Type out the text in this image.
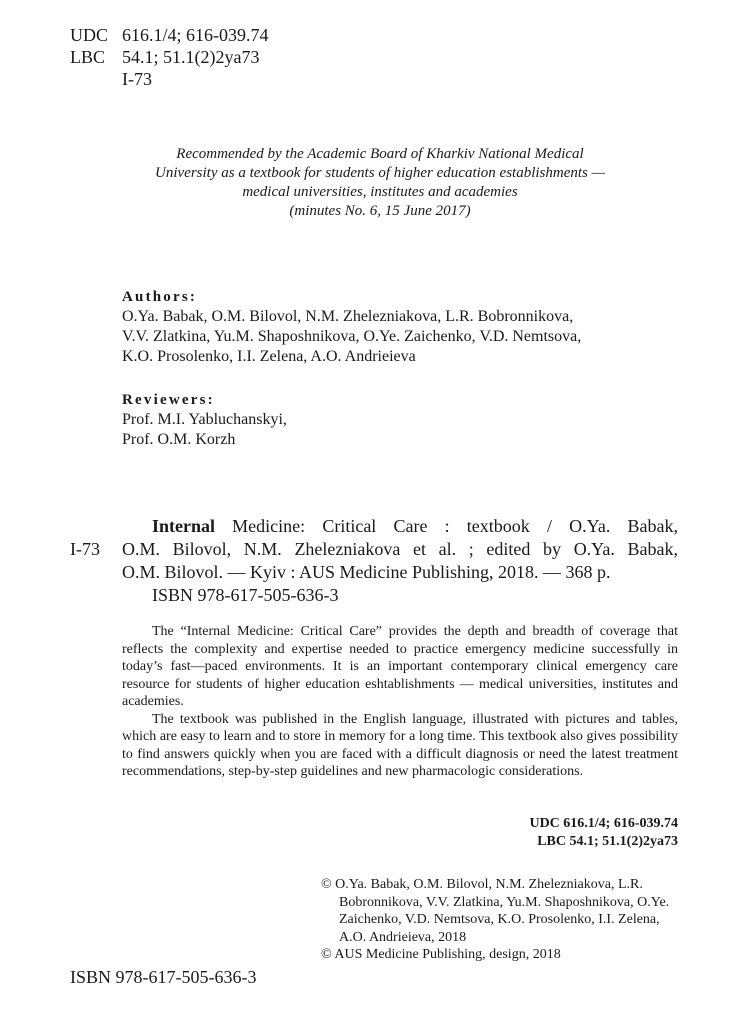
UDC 616.1/4; 616-039.74
LBC 54.1; 51.1(2)2ya73
I-73
Recommended by the Academic Board of Kharkiv National Medical
University as a textbook for students of higher education establishments —
medical universities, institutes and academies
(minutes No. 6, 15 June 2017)
Authors:
O.Ya. Babak, O.M. Bilovol, N.M. Zhelezniakova, L.R. Bobronnikova,
V.V. Zlatkina, Yu.M. Shaposhnikova, O.Ye. Zaichenko, V.D. Nemtsova,
K.O. Prosolenko, I.I. Zelena, A.O. Andrieieva
Reviewers:
Prof. M.I. Yabluchanskyi,
Prof. O.M. Korzh
I-73
Internal Medicine: Critical Care : textbook / O.Ya. Babak,
O.M. Bilovol, N.M. Zhelezniakova et al. ; edited by O.Ya. Babak,
O.M. Bilovol. — Kyiv : AUS Medicine Publishing, 2018. — 368 p.
ISBN 978-617-505-636-3

The “Internal Medicine: Critical Care” provides the depth and breadth of coverage that reflects the complexity and expertise needed to practice emergency medicine successfully in today’s fast—paced environments. It is an important contemporary clinical emergency care resource for students of higher education eshtablishments — medical universities, institutes and academies.

The textbook was published in the English language, illustrated with pictures and tables, which are easy to learn and to store in memory for a long time. This textbook also gives possibility to find answers quickly when you are faced with a difficult diagnosis or need the latest treatment recommendations, step-by-step guidelines and new pharmacologic considerations.

UDC 616.1/4; 616-039.74
LBC 54.1; 51.1(2)2ya73
© O.Ya. Babak, O.M. Bilovol, N.M. Zhelezniakova, L.R. Bobronnikova, V.V. Zlatkina, Yu.M. Shaposhnikova, O.Ye. Zaichenko, V.D. Nemtsova, K.O. Prosolenko, I.I. Zelena, A.O. Andrieieva, 2018
© AUS Medicine Publishing, design, 2018
ISBN 978-617-505-636-3
